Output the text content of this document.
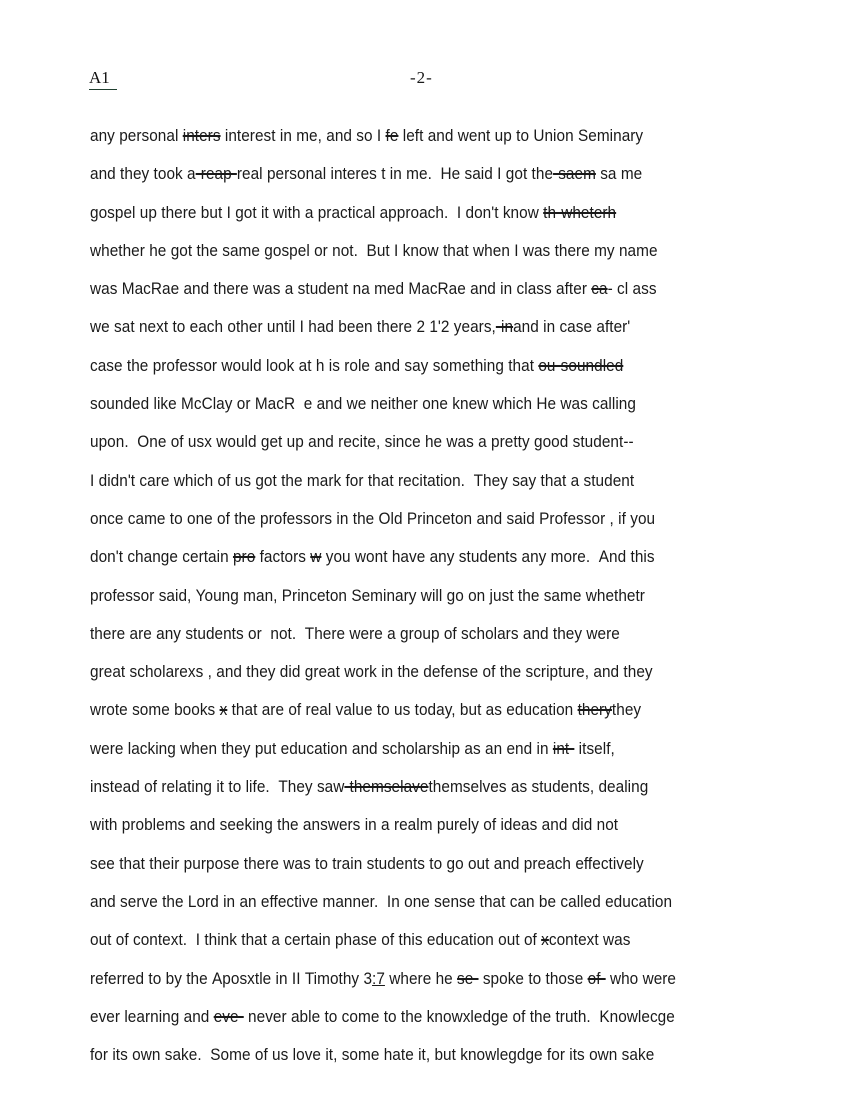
A1	-2-
any personal inters interest in me, and so I fe left and went up to Union Seminary
and they took a-reap-real personal interes t in me.  He said I got the-saem sa me
gospel up there but I got it with a practical approach.  I don't know th-wheterh
whether he got the same gospel or not.  But I know that when I was there my name
was MacRae and there was a student na med MacRae and in class after ca- cl ass
we sat next to each other until I had been there 2 1'2 years,-inand in case after'
case the professor would look at h is role and say something that ou-soundled
sounded like McClay or MacR  e and we neither one knew which He was calling
upon.  One of usx would get up and recite, since he was a pretty good student--
I didn't care which of us got the mark for that recitation.  They say that a student
once came to one of the professors in the Old Princeton and said Professor , if you
don't change certain pro factors w you wont have any students any more.  And this
professor said, Young man, Princeton Seminary will go on just the same whethetr
there are any students or  not.  There were a group of scholars and they were
great scholarexs , and they did great work in the defense of the scripture, and they
wrote some books x that are of real value to us today, but as education therythey
were lacking when they put education and scholarship as an end in int- itself,
instead of relating it to life.  They saw-themselavethemselves as students, dealing
with problems and seeking the answers in a realm purely of ideas and did not
see that their purpose there was to train students to go out and preach effectively
and serve the Lord in an effective manner.  In one sense that can be called education
out of context.  I think that a certain phase of this education out of xcontext was
referred to by the Aposxtle in II Timothy 3:7 where he se- spoke to those of- who were
ever learning and eve- never able to come to the knowxledge of the truth.  Knowlecge
for its own sake.  Some of us love it, some hate it, but knowlegdge for its own sake
